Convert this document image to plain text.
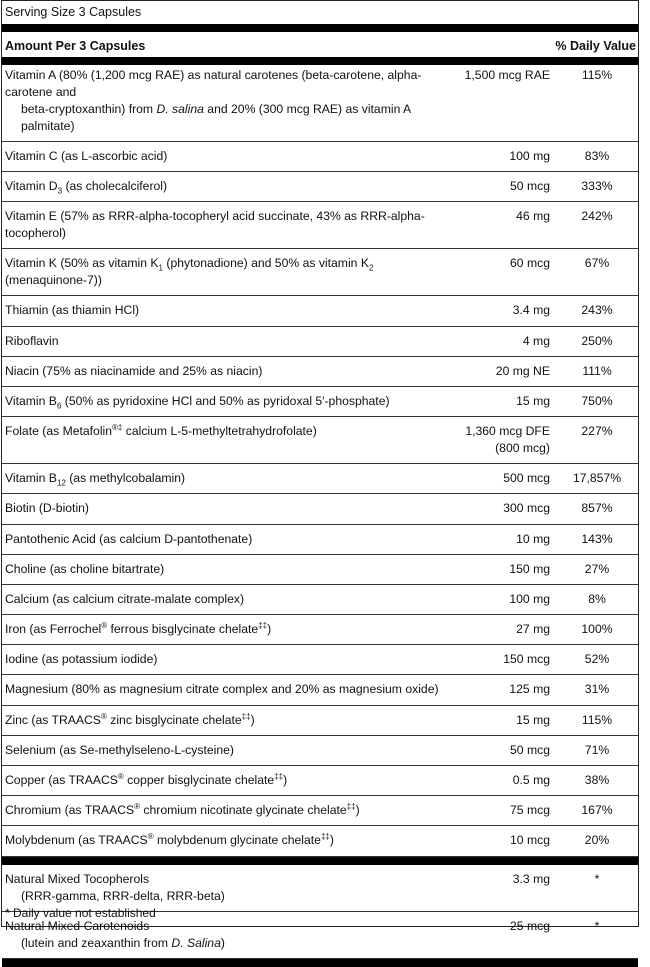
Serving Size 3 Capsules
Amount Per 3 Capsules	% Daily Value
Vitamin A (80% (1,200 mcg RAE) as natural carotenes (beta-carotene, alpha-carotene and
beta-cryptoxanthin) from D. salina and 20% (300 mcg RAE) as vitamin A palmitate)	1,500 mcg RAE	115%
Vitamin C (as L-ascorbic acid)	100 mg	83%
Vitamin $D_3$ (as cholecalciferol)	50 mcg	333%
Vitamin E (57% as RRR-alpha-tocopheryl acid succinate, 43% as RRR-alpha-tocopherol)	46 mg	242%
Vitamin K (50% as vitamin $K_1$ (phytonadione) and 50% as vitamin $K_2$ (menaquinone-7))	60 mcg	67%
Thiamin (as thiamin HCl)	3.4 mg	243%
Riboflavin	4 mg	250%
Niacin (75% as niacinamide and 25% as niacin)	20 mg NE	111%
Vitamin $B_6$ (50% as pyridoxine HCl and 50% as pyridoxal 5′-phosphate)	15 mg	750%
Folate (as Metafolin®‡ calcium L-5-methyltetrahydrofolate)	1,360 mcg DFE
(800 mcg)	227%
Vitamin $B_{12}$ (as methylcobalamin)	500 mcg	17,857%
Biotin (D-biotin)	300 mcg	857%
Pantothenic Acid (as calcium D-pantothenate)	10 mg	143%
Choline (as choline bitartrate)	150 mg	27%
Calcium (as calcium citrate-malate complex)	100 mg	8%
Iron (as Ferrochel® ferrous bisglycinate chelate‡‡)	27 mg	100%
Iodine (as potassium iodide)	150 mcg	52%
Magnesium (80% as magnesium citrate complex and 20% as magnesium oxide)	125 mg	31%
Zinc (as TRAACS® zinc bisglycinate chelate‡‡)	15 mg	115%
Selenium (as Se-methylseleno-L-cysteine)	50 mcg	71%
Copper (as TRAACS® copper bisglycinate chelate‡‡)	0.5 mg	38%
Chromium (as TRAACS® chromium nicotinate glycinate chelate‡‡)	75 mcg	167%
Molybdenum (as TRAACS® molybdenum glycinate chelate‡‡)	10 mcg	20%

Natural Mixed Tocopherols
(RRR-gamma, RRR-delta, RRR-beta)	3.3 mg	*
Natural Mixed Carotenoids
(lutein and zeaxanthin from D. Salina)	25 mcg	*

* Daily value not established
